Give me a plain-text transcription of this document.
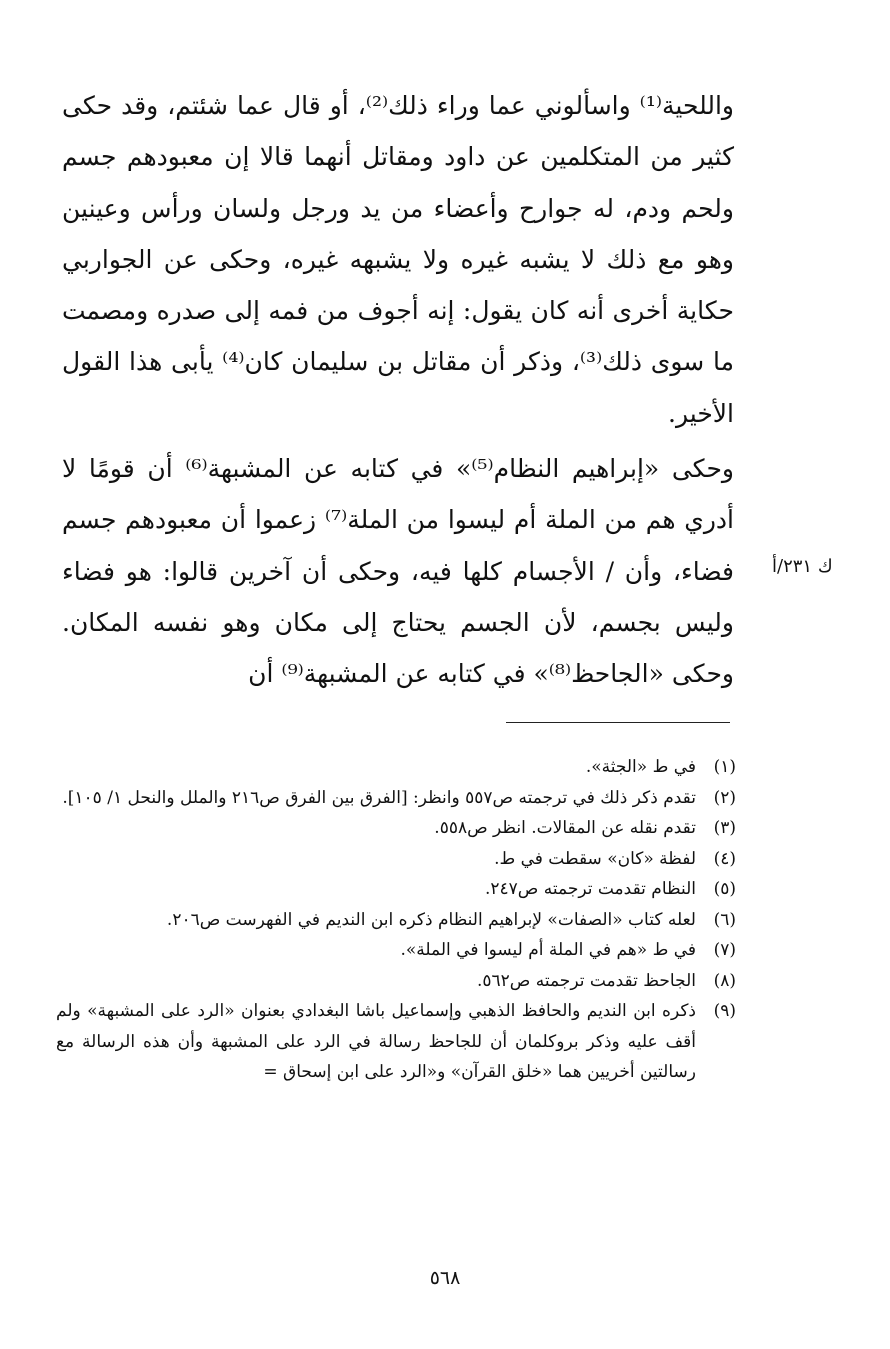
واللحية⁽¹⁾ واسألوني عما وراء ذلك⁽²⁾، أو قال عما شئتم، وقد حكى كثير من المتكلمين عن داود ومقاتل أنهما قالا إن معبودهم جسم ولحم ودم، له جوارح وأعضاء من يد ورجل ولسان ورأس وعينين وهو مع ذلك لا يشبه غيره ولا يشبهه غيره، وحكى عن الجواربي حكاية أخرى أنه كان يقول: إنه أجوف من فمه إلى صدره ومصمت ما سوى ذلك⁽³⁾، وذكر أن مقاتل بن سليمان كان⁽⁴⁾ يأبى هذا القول الأخير.

وحكى «إبراهيم النظام⁽⁵⁾» في كتابه عن المشبهة⁽⁶⁾ أن قومًا لا أدري هم من الملة أم ليسوا من الملة⁽⁷⁾ زعموا أن معبودهم جسم فضاء، وأن / الأجسام كلها فيه، وحكى أن آخرين قالوا: هو فضاء وليس بجسم، لأن الجسم يحتاج إلى مكان وهو نفسه المكان. وحكى «الجاحظ⁽⁸⁾» في كتابه عن المشبهة⁽⁹⁾ أن

ك ٢٣١/أ
(١)
في ط «الجثة».
(٢)
تقدم ذكر ذلك في ترجمته ص٥٥٧ وانظر: [الفرق بين الفرق ص٢١٦ والملل والنحل ١/ ١٠٥].
(٣)
تقدم نقله عن المقالات. انظر ص٥٥٨.
(٤)
لفظة «كان» سقطت في ط.
(٥)
النظام تقدمت ترجمته ص٢٤٧.
(٦)
لعله كتاب «الصفات» لإبراهيم النظام ذكره ابن النديم في الفهرست ص٢٠٦.
(٧)
في ط «هم في الملة أم ليسوا في الملة».
(٨)
الجاحظ تقدمت ترجمته ص٥٦٢.
(٩)
ذكره ابن النديم والحافظ الذهبي وإسماعيل باشا البغدادي بعنوان «الرد على المشبهة» ولم أقف عليه وذكر بروكلمان أن للجاحظ رسالة في الرد على المشبهة وأن هذه الرسالة مع رسالتين أخريين هما «خلق القرآن» و«الرد على ابن إسحاق =
٥٦٨
